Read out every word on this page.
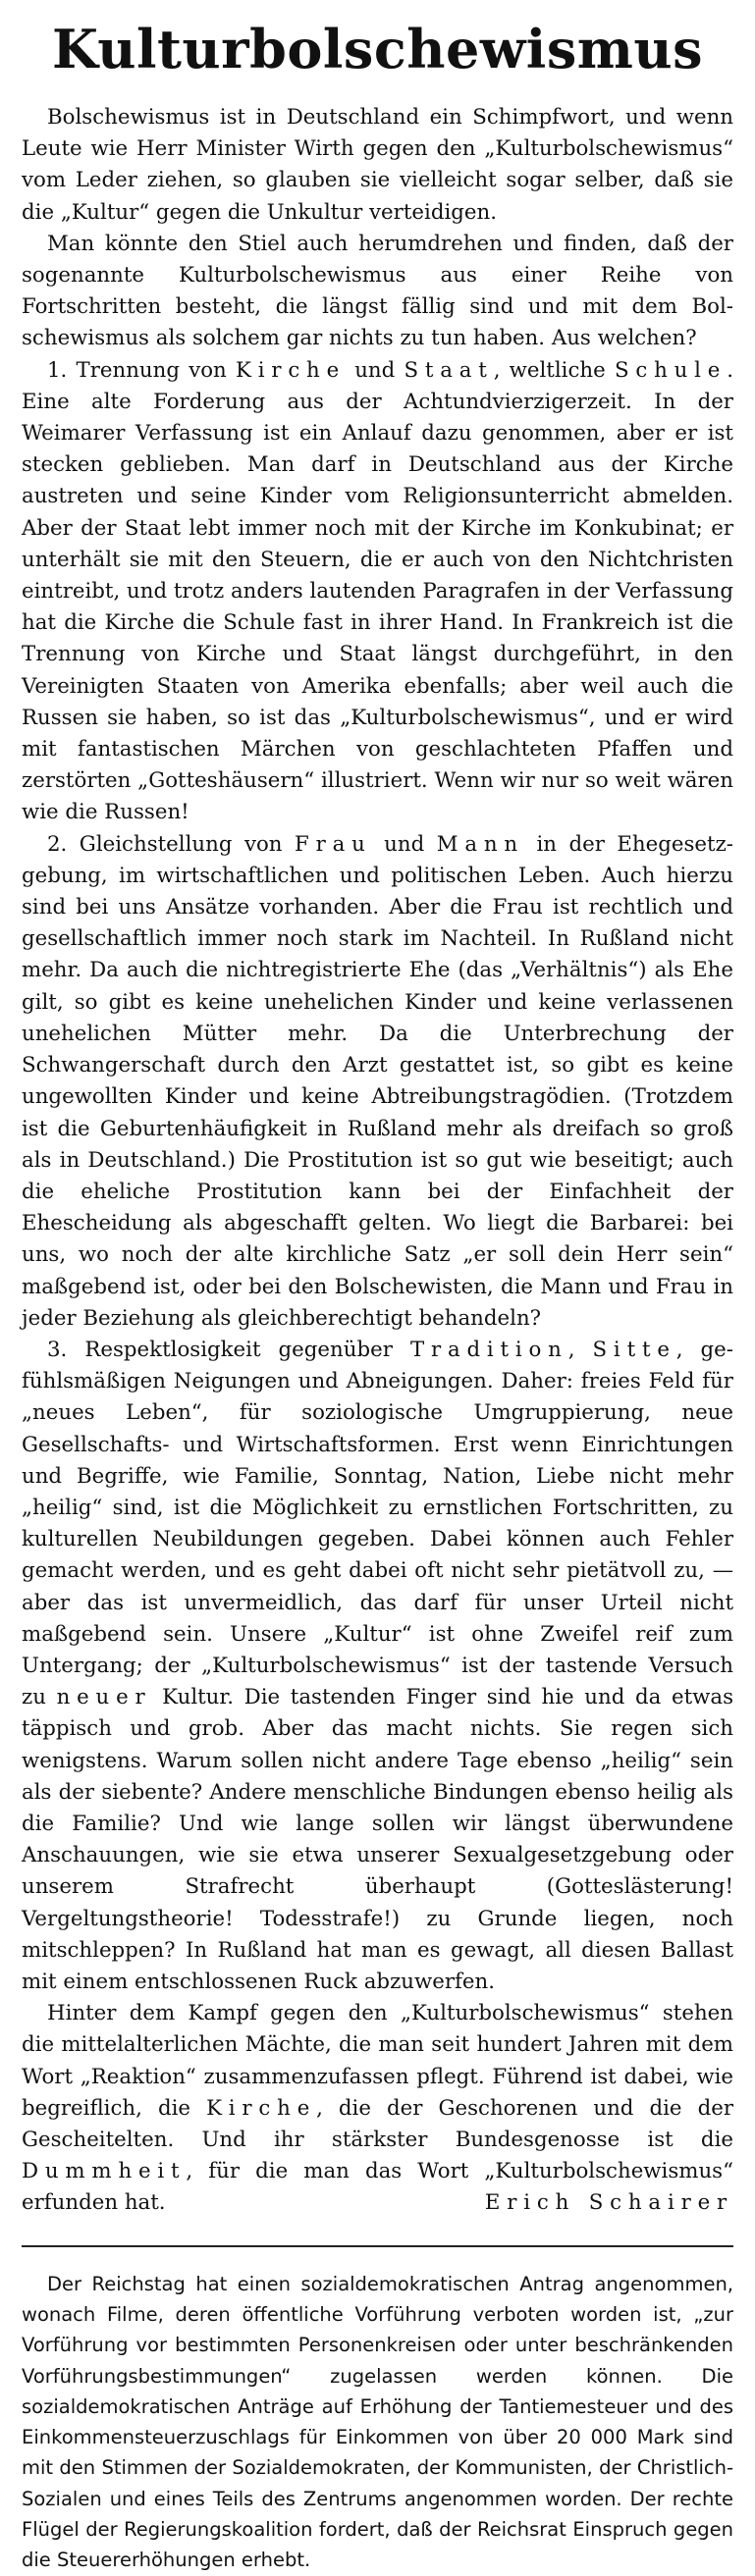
Kulturbolschewismus

Bolschewismus ist in Deutschland ein Schimpfwort, und wenn Leute wie Herr Minister Wirth gegen den „Kulturbolschewismus“ vom Leder ziehen, so glauben sie vielleicht sogar selber, daß sie die „Kultur“ gegen die Unkultur verteidigen.

Man könnte den Stiel auch herumdrehen und finden, daß der sogenannte Kulturbolschewismus aus einer Reihe von Fortschritten besteht, die längst fällig sind und mit dem Bolschewismus als solchem gar nichts zu tun haben. Aus welchen?

1. Trennung von Kirche und Staat, weltliche Schule. Eine alte Forderung aus der Achtundvierzigerzeit. In der Weimarer Verfassung ist ein Anlauf dazu genommen, aber er ist stecken geblieben. Man darf in Deutschland aus der Kirche austreten und seine Kinder vom Religionsunterricht abmelden. Aber der Staat lebt immer noch mit der Kirche im Konkubinat; er unterhält sie mit den Steuern, die er auch von den Nichtchristen eintreibt, und trotz anders lautenden Paragrafen in der Verfassung hat die Kirche die Schule fast in ihrer Hand. In Frankreich ist die Trennung von Kirche und Staat längst durchgeführt, in den Vereinigten Staaten von Amerika ebenfalls; aber weil auch die Russen sie haben, so ist das „Kulturbolschewismus“, und er wird mit fantastischen Märchen von geschlachteten Pfaffen und zerstörten „Gotteshäusern“ illustriert. Wenn wir nur so weit wären wie die Russen!

2. Gleichstellung von Frau und Mann in der Ehegesetzgebung, im wirtschaftlichen und politischen Leben. Auch hierzu sind bei uns Ansätze vorhanden. Aber die Frau ist rechtlich und gesellschaftlich immer noch stark im Nachteil. In Rußland nicht mehr. Da auch die nichtregistrierte Ehe (das „Verhältnis“) als Ehe gilt, so gibt es keine unehelichen Kinder und keine verlassenen unehelichen Mütter mehr. Da die Unterbrechung der Schwangerschaft durch den Arzt gestattet ist, so gibt es keine ungewollten Kinder und keine Abtreibungstragödien. (Trotzdem ist die Geburtenhäufigkeit in Rußland mehr als dreifach so groß als in Deutschland.) Die Prostitution ist so gut wie beseitigt; auch die eheliche Prostitution kann bei der Einfachheit der Ehescheidung als abgeschafft gelten. Wo liegt die Barbarei: bei uns, wo noch der alte kirchliche Satz „er soll dein Herr sein“ maßgebend ist, oder bei den Bolschewisten, die Mann und Frau in jeder Beziehung als gleichberechtigt behandeln?

3. Respektlosigkeit gegenüber Tradition, Sitte, gefühlsmäßigen Neigungen und Abneigungen. Daher: freies Feld für „neues Leben“, für soziologische Umgruppierung, neue Gesellschafts- und Wirtschaftsformen. Erst wenn Einrichtungen und Begriffe, wie Familie, Sonntag, Nation, Liebe nicht mehr „heilig“ sind, ist die Möglichkeit zu ernstlichen Fortschritten, zu kulturellen Neubildungen gegeben. Dabei können auch Fehler gemacht werden, und es geht dabei oft nicht sehr pietätvoll zu, — aber das ist unvermeidlich, das darf für unser Urteil nicht maßgebend sein. Unsere „Kultur“ ist ohne Zweifel reif zum Untergang; der „Kulturbolschewismus“ ist der tastende Versuch zu neuer Kultur. Die tastenden Finger sind hie und da etwas täppisch und grob. Aber das macht nichts. Sie regen sich wenigstens. Warum sollen nicht andere Tage ebenso „heilig“ sein als der siebente? Andere menschliche Bindungen ebenso heilig als die Familie? Und wie lange sollen wir längst überwundene Anschauungen, wie sie etwa unserer Sexualgesetzgebung oder unserem Strafrecht überhaupt (Gotteslästerung! Vergeltungstheorie! Todesstrafe!) zu Grunde liegen, noch mitschleppen? In Rußland hat man es gewagt, all diesen Ballast mit einem entschlossenen Ruck abzuwerfen.

Hinter dem Kampf gegen den „Kulturbolschewismus“ stehen die mittelalterlichen Mächte, die man seit hundert Jahren mit dem Wort „Reaktion“ zusammenzufassen pflegt. Führend ist dabei, wie begreiflich, die Kirche, die der Geschorenen und die der Gescheitelten. Und ihr stärkster Bundesgenosse ist die Dummheit, für die man das Wort „Kulturbolschewismus“ erfunden hat.	Erich Schairer

Der Reichstag hat einen sozialdemokratischen Antrag angenommen, wonach Filme, deren öffentliche Vorführung verboten worden ist, „zur Vorführung vor bestimmten Personenkreisen oder unter beschränkenden Vorführungsbestimmungen“ zugelassen werden können. Die sozialdemokratischen Anträge auf Erhöhung der Tantiemesteuer und des Einkommensteuerzuschlags für Einkommen von über 20 000 Mark sind mit den Stimmen der Sozialdemokraten, der Kommunisten, der Christlich-Sozialen und eines Teils des Zentrums angenommen worden. Der rechte Flügel der Regierungskoalition fordert, daß der Reichsrat Einspruch gegen die Steuererhöhungen erhebt.
